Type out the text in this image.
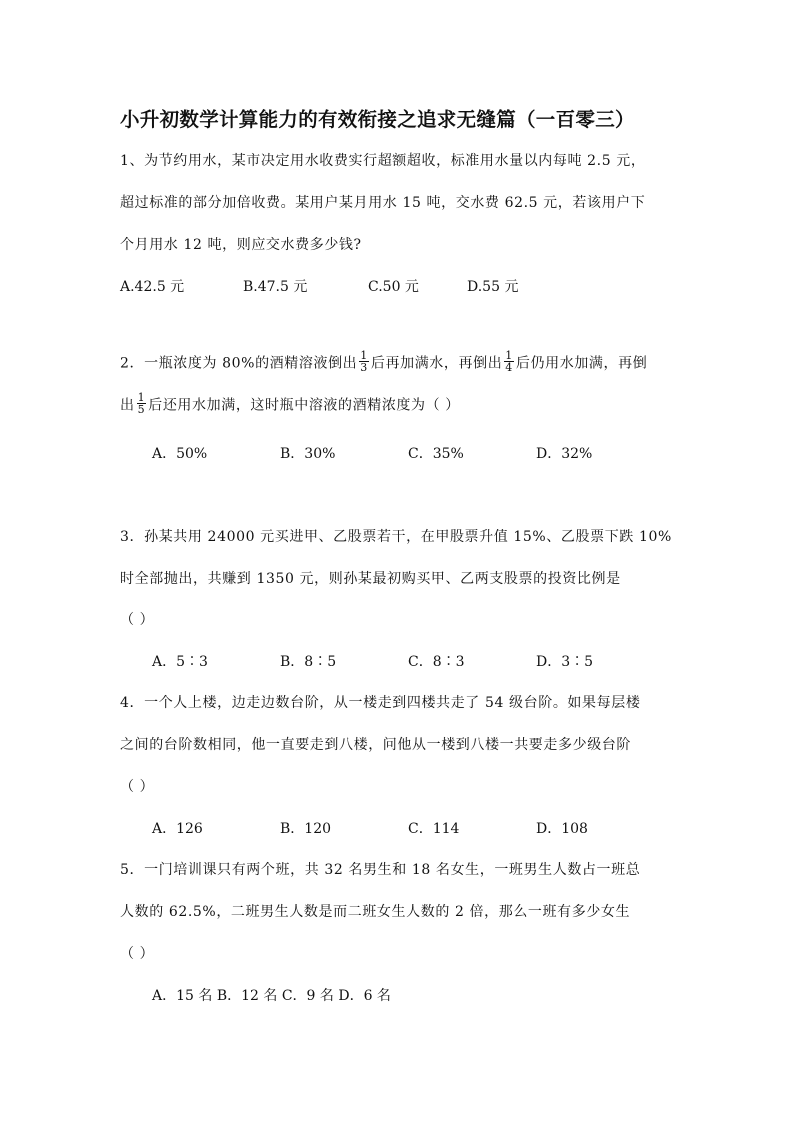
小升初数学计算能力的有效衔接之追求无缝篇（一百零三）
1、为节约用水，某市决定用水收费实行超额超收，标准用水量以内每吨 2.5 元，
超过标准的部分加倍收费。某用户某月用水 15 吨，交水费 62.5 元，若该用户下
个月用水 12 吨，则应交水费多少钱?
A.42.5 元	B.47.5 元	C.50 元	D.55 元
2．一瓶浓度为 80%的酒精溶液倒出 $\frac{1}{3}$ 后再加满水，再倒出 $\frac{1}{4}$ 后仍用水加满，再倒
出 $\frac{1}{5}$ 后还用水加满，这时瓶中溶液的酒精浓度为（ ）
A．50%	B．30%	C．35%	D．32%
3．孙某共用 24000 元买进甲、乙股票若干，在甲股票升值 15%、乙股票下跌 10%
时全部抛出，共赚到 1350 元，则孙某最初购买甲、乙两支股票的投资比例是
（ ）
A．5∶3	B．8∶5	C．8∶3	D．3∶5
4．一个人上楼，边走边数台阶，从一楼走到四楼共走了 54 级台阶。如果每层楼
之间的台阶数相同，他一直要走到八楼，问他从一楼到八楼一共要走多少级台阶
（ ）
A．126	B．120	C．114	D．108
5．一门培训课只有两个班，共 32 名男生和 18 名女生，一班男生人数占一班总
人数的 62.5%，二班男生人数是而二班女生人数的 2 倍，那么一班有多少女生
（ ）
A．15 名 B．12 名 C．9 名 D．6 名
